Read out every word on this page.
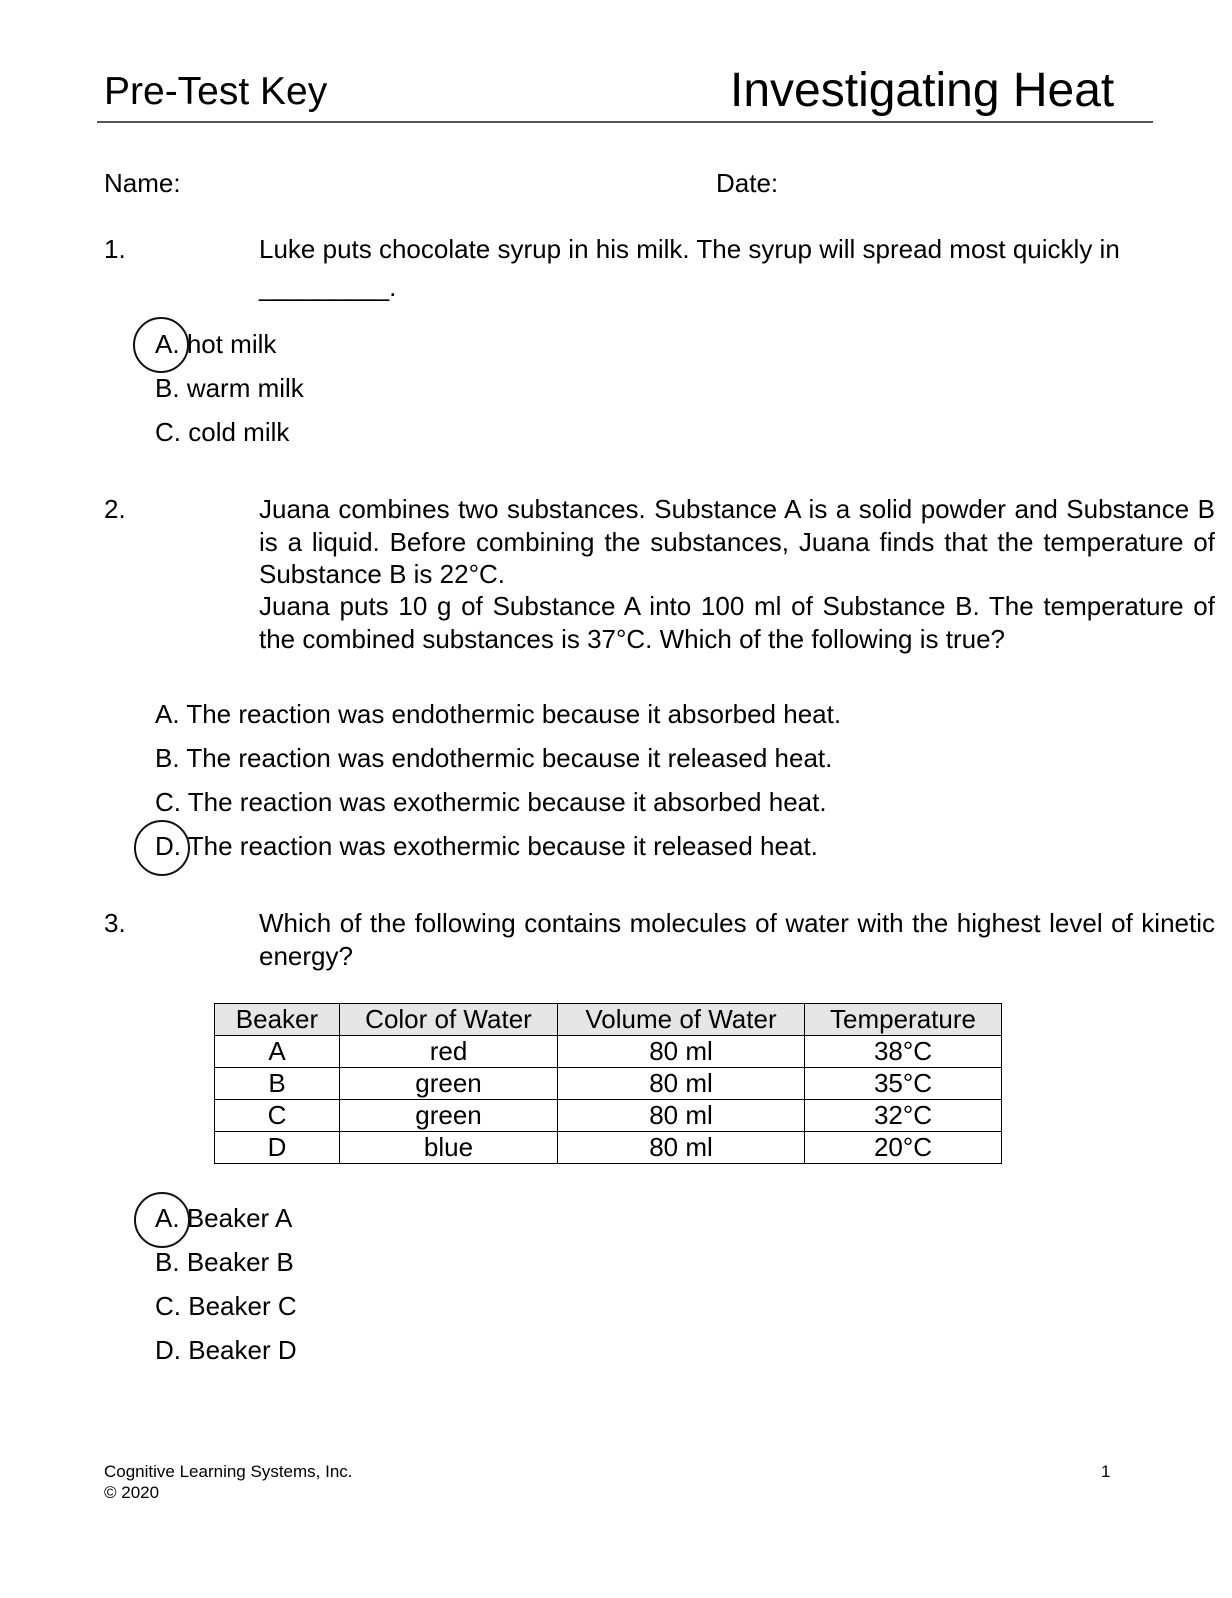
Pre-Test Key	Investigating Heat
Name:	Date:
1.	Luke puts chocolate syrup in his milk. The syrup will spread most quickly in
_________.
A. hot milk
B. warm milk
C. cold milk
2.	Juana combines two substances. Substance A is a solid powder and Substance B is a liquid. Before combining the substances, Juana finds that the temperature of Substance B is 22°C.
Juana puts 10 g of Substance A into 100 ml of Substance B. The temperature of the combined substances is 37°C. Which of the following is true?
A. The reaction was endothermic because it absorbed heat.
B. The reaction was endothermic because it released heat.
C. The reaction was exothermic because it absorbed heat.
D. The reaction was exothermic because it released heat.
3.	Which of the following contains molecules of water with the highest level of kinetic energy?
Beaker	Color of Water	Volume of Water	Temperature
A	red	80 ml	38°C
B	green	80 ml	35°C
C	green	80 ml	32°C
D	blue	80 ml	20°C
A. Beaker A
B. Beaker B
C. Beaker C
D. Beaker D
Cognitive Learning Systems, Inc.
© 2020
1
